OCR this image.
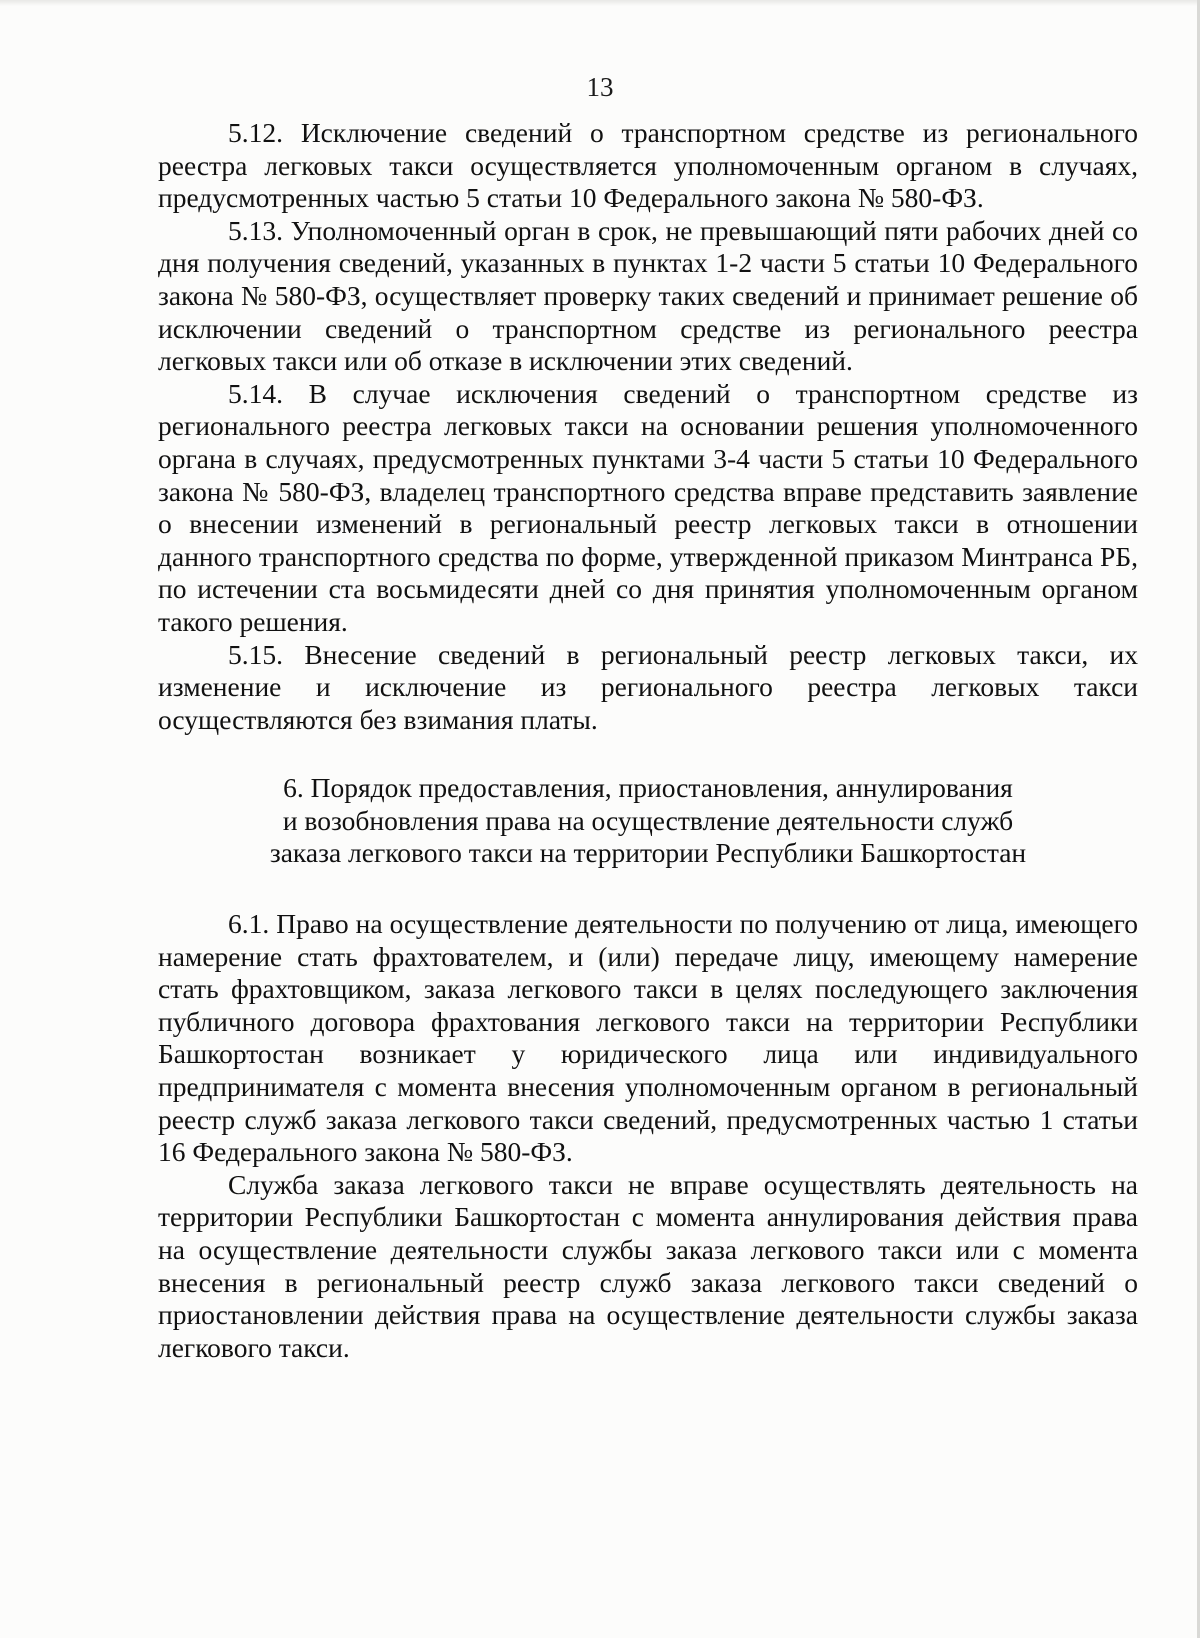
13

5.12. Исключение сведений о транспортном средстве из регионального реестра легковых такси осуществляется уполномоченным органом в случаях, предусмотренных частью 5 статьи 10 Федерального закона № 580-ФЗ.

5.13. Уполномоченный орган в срок, не превышающий пяти рабочих дней со дня получения сведений, указанных в пунктах 1-2 части 5 статьи 10 Федерального закона № 580-ФЗ, осуществляет проверку таких сведений и принимает решение об исключении сведений о транспортном средстве из регионального реестра легковых такси или об отказе в исключении этих сведений.

5.14. В случае исключения сведений о транспортном средстве из регионального реестра легковых такси на основании решения уполномоченного органа в случаях, предусмотренных пунктами 3-4 части 5 статьи 10 Федерального закона № 580-ФЗ, владелец транспортного средства вправе представить заявление о внесении изменений в региональный реестр легковых такси в отношении данного транспортного средства по форме, утвержденной приказом Минтранса РБ, по истечении ста восьмидесяти дней со дня принятия уполномоченным органом такого решения.

5.15. Внесение сведений в региональный реестр легковых такси, их изменение и исключение из регионального реестра легковых такси осуществляются без взимания платы.

6. Порядок предоставления, приостановления, аннулирования
и возобновления права на осуществление деятельности служб
заказа легкового такси на территории Республики Башкортостан

6.1. Право на осуществление деятельности по получению от лица, имеющего намерение стать фрахтователем, и (или) передаче лицу, имеющему намерение стать фрахтовщиком, заказа легкового такси в целях последующего заключения публичного договора фрахтования легкового такси на территории Республики Башкортостан возникает у юридического лица или индивидуального предпринимателя с момента внесения уполномоченным органом в региональный реестр служб заказа легкового такси сведений, предусмотренных частью 1 статьи 16 Федерального закона № 580-ФЗ.

Служба заказа легкового такси не вправе осуществлять деятельность на территории Республики Башкортостан с момента аннулирования действия права на осуществление деятельности службы заказа легкового такси или с момента внесения в региональный реестр служб заказа легкового такси сведений о приостановлении действия права на осуществление деятельности службы заказа легкового такси.
